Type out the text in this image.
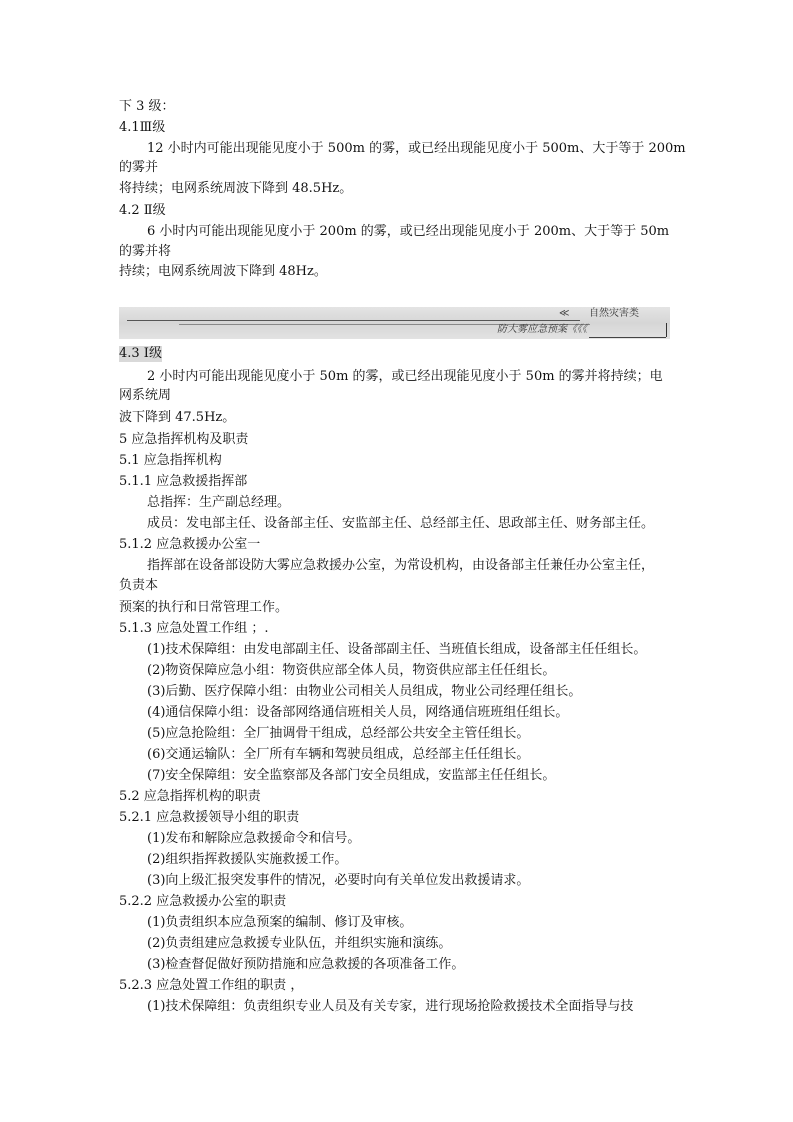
下 3 级：
4.1Ⅲ级
12 小时内可能出现能见度小于 500m 的雾，或已经出现能见度小于 500m、大于等于 200m
的雾并
将持续；电网系统周波下降到 48.5Hz。
4.2 Ⅱ级
6 小时内可能出现能见度小于 200m 的雾，或已经出现能见度小于 200m、大于等于 50m
的雾并将
持续；电网系统周波下降到 48Hz。
≪ 自然灾害类
防大雾应急预案《《《
4.3 Ⅰ级
2 小时内可能出现能见度小于 50m 的雾，或已经出现能见度小于 50m 的雾并将持续；电
网系统周
波下降到 47.5Hz。
5 应急指挥机构及职责
5.1 应急指挥机构
5.1.1 应急救援指挥部
总指挥：生产副总经理。
成员：发电部主任、设备部主任、安监部主任、总经部主任、思政部主任、财务部主任。
5.1.2 应急救援办公室一
指挥部在设备部设防大雾应急救援办公室，为常设机构，由设备部主任兼任办公室主任，
负责本
预案的执行和日常管理工作。
5.1.3 应急处置工作组 ；.
(1)技术保障组：由发电部副主任、设备部副主任、当班值长组成，设备部主任任组长。
(2)物资保障应急小组：物资供应部全体人员，物资供应部主任任组长。
(3)后勤、医疗保障小组：由物业公司相关人员组成，物业公司经理任组长。
(4)通信保障小组：设备部网络通信班相关人员，网络通信班班组任组长。
(5)应急抢险组：全厂抽调骨干组成，总经部公共安全主管任组长。
(6)交通运输队：全厂所有车辆和驾驶员组成，总经部主任任组长。
(7)安全保障组：安全监察部及各部门安全员组成，安监部主任任组长。
5.2 应急指挥机构的职责
5.2.1 应急救援领导小组的职责
(1)发布和解除应急救援命令和信号。
(2)组织指挥救援队实施救援工作。
(3)向上级汇报突发事件的情况，必要时向有关单位发出救援请求。
5.2.2 应急救援办公室的职责
(1)负责组织本应急预案的编制、修订及审核。
(2)负责组建应急救援专业队伍，并组织实施和演练。
(3)检查督促做好预防措施和应急救援的各项准备工作。
5.2.3 应急处置工作组的职责 ，
(1)技术保障组：负责组织专业人员及有关专家，进行现场抢险救援技术全面指导与技
